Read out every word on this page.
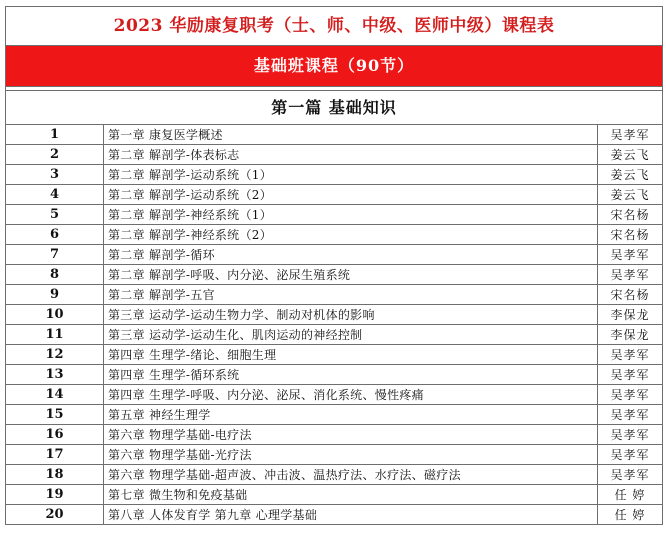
2023 华励康复职考（士、师、中级、医师中级）课程表
基础班课程（90节）
第一篇 基础知识
1	第一章 康复医学概述	吴孝军
2	第二章 解剖学-体表标志	姜云飞
3	第二章 解剖学-运动系统（1）	姜云飞
4	第二章 解剖学-运动系统（2）	姜云飞
5	第二章 解剖学-神经系统（1）	宋名杨
6	第二章 解剖学-神经系统（2）	宋名杨
7	第二章 解剖学-循环	吴孝军
8	第二章 解剖学-呼吸、内分泌、泌尿生殖系统	吴孝军
9	第二章 解剖学-五官	宋名杨
10	第三章 运动学-运动生物力学、制动对机体的影响	李保龙
11	第三章 运动学-运动生化、肌肉运动的神经控制	李保龙
12	第四章 生理学-绪论、细胞生理	吴孝军
13	第四章 生理学-循环系统	吴孝军
14	第四章 生理学-呼吸、内分泌、泌尿、消化系统、慢性疼痛	吴孝军
15	第五章 神经生理学	吴孝军
16	第六章 物理学基础-电疗法	吴孝军
17	第六章 物理学基础-光疗法	吴孝军
18	第六章 物理学基础-超声波、冲击波、温热疗法、水疗法、磁疗法	吴孝军
19	第七章 微生物和免疫基础	任 婷
20	第八章 人体发育学 第九章 心理学基础	任 婷
